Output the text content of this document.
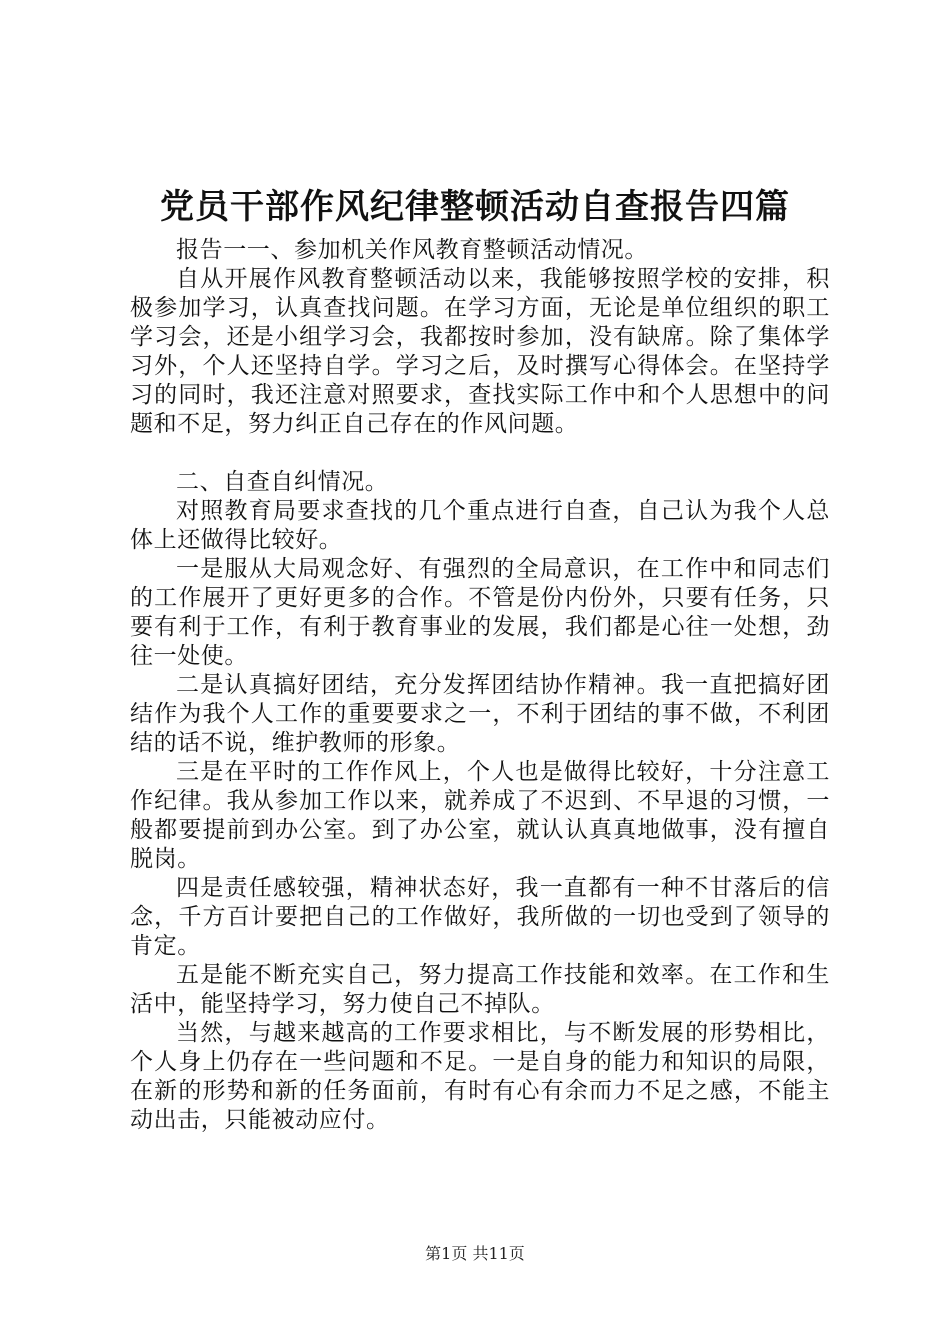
党员干部作风纪律整顿活动自查报告四篇

报告一一、参加机关作风教育整顿活动情况。

自从开展作风教育整顿活动以来，我能够按照学校的安排，积极参加学习，认真查找问题。在学习方面，无论是单位组织的职工学习会，还是小组学习会，我都按时参加，没有缺席。除了集体学习外，个人还坚持自学。学习之后，及时撰写心得体会。在坚持学习的同时，我还注意对照要求，查找实际工作中和个人思想中的问题和不足，努力纠正自己存在的作风问题。

二、自查自纠情况。

对照教育局要求查找的几个重点进行自查，自己认为我个人总体上还做得比较好。

一是服从大局观念好、有强烈的全局意识，在工作中和同志们的工作展开了更好更多的合作。不管是份内份外，只要有任务，只要有利于工作，有利于教育事业的发展，我们都是心往一处想，劲往一处使。

二是认真搞好团结，充分发挥团结协作精神。我一直把搞好团结作为我个人工作的重要要求之一，不利于团结的事不做，不利团结的话不说，维护教师的形象。

三是在平时的工作作风上，个人也是做得比较好，十分注意工作纪律。我从参加工作以来，就养成了不迟到、不早退的习惯，一般都要提前到办公室。到了办公室，就认认真真地做事，没有擅自脱岗。

四是责任感较强，精神状态好，我一直都有一种不甘落后的信念，千方百计要把自己的工作做好，我所做的一切也受到了领导的肯定。

五是能不断充实自己，努力提高工作技能和效率。在工作和生活中，能坚持学习，努力使自己不掉队。

当然，与越来越高的工作要求相比，与不断发展的形势相比，个人身上仍存在一些问题和不足。一是自身的能力和知识的局限，在新的形势和新的任务面前，有时有心有余而力不足之感，不能主动出击，只能被动应付。

第1页 共11页
